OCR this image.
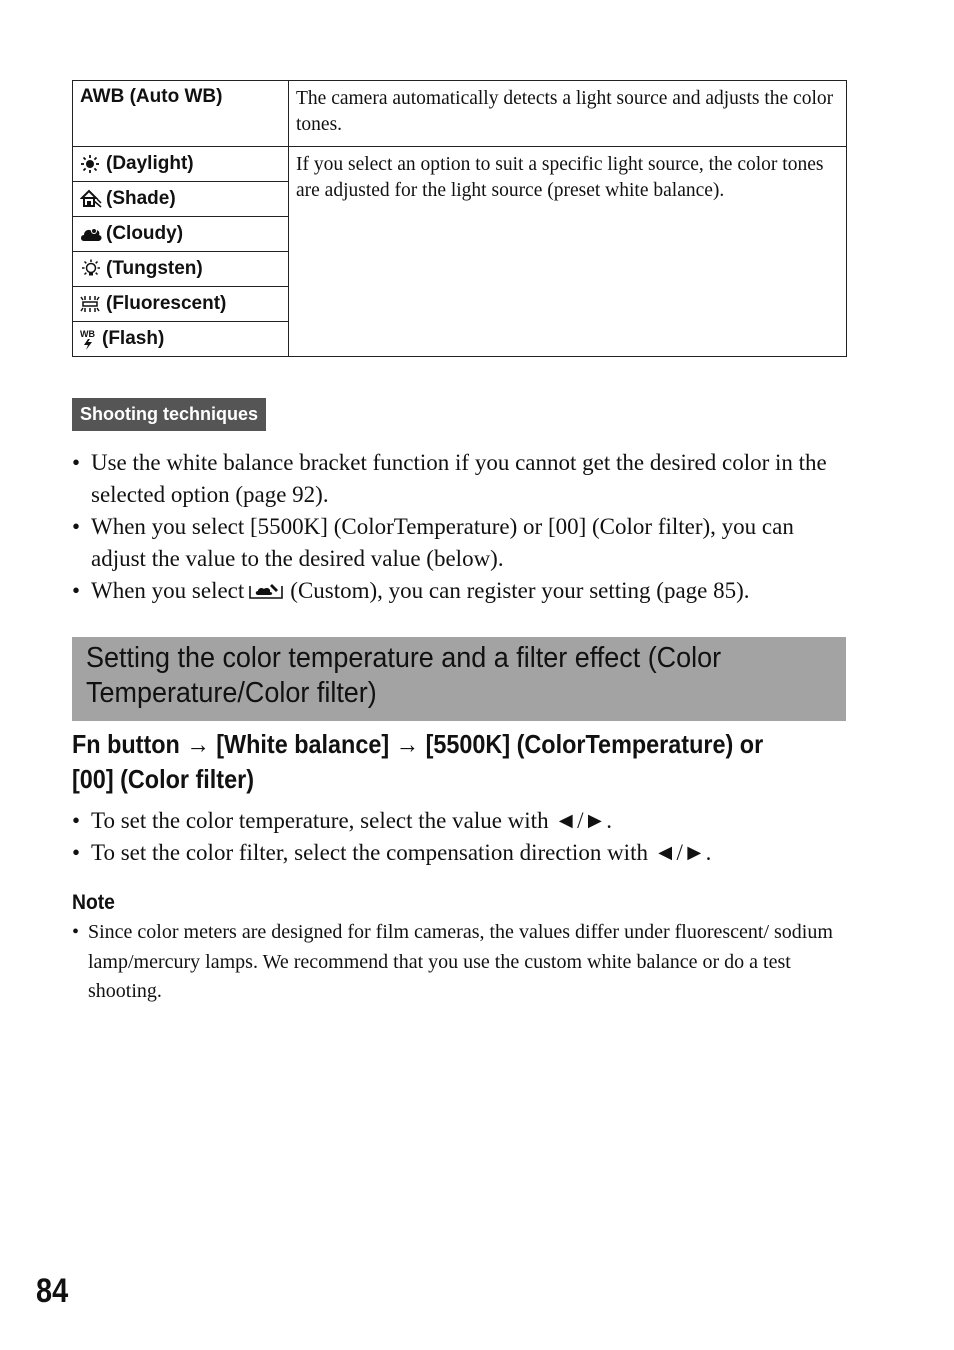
AWB (Auto WB)	The camera automatically detects a light source and adjusts the color tones.

(Daylight)	If you select an option to suit a specific light source, the color tones are adjusted for the light source (preset white balance).

(Shade)	

(Cloudy)	

(Tungsten)	

(Fluorescent)	

WB (Flash)	
Shooting techniques
• Use the white balance bracket function if you cannot get the desired color in the selected option (page 92).
• When you select [5500K] (ColorTemperature) or [00] (Color filter), you can adjust the value to the desired value (below).
• When you select (Custom), you can register your setting (page 85).
Setting the color temperature and a filter effect (Color Temperature/Color filter)
Fn button → [White balance] → [5500K] (ColorTemperature) or [00] (Color filter)
• To set the color temperature, select the value with ◄/►.
• To set the color filter, select the compensation direction with ◄/►.
Note
• Since color meters are designed for film cameras, the values differ under fluorescent/ sodium lamp/mercury lamps. We recommend that you use the custom white balance or do a test shooting.
84
